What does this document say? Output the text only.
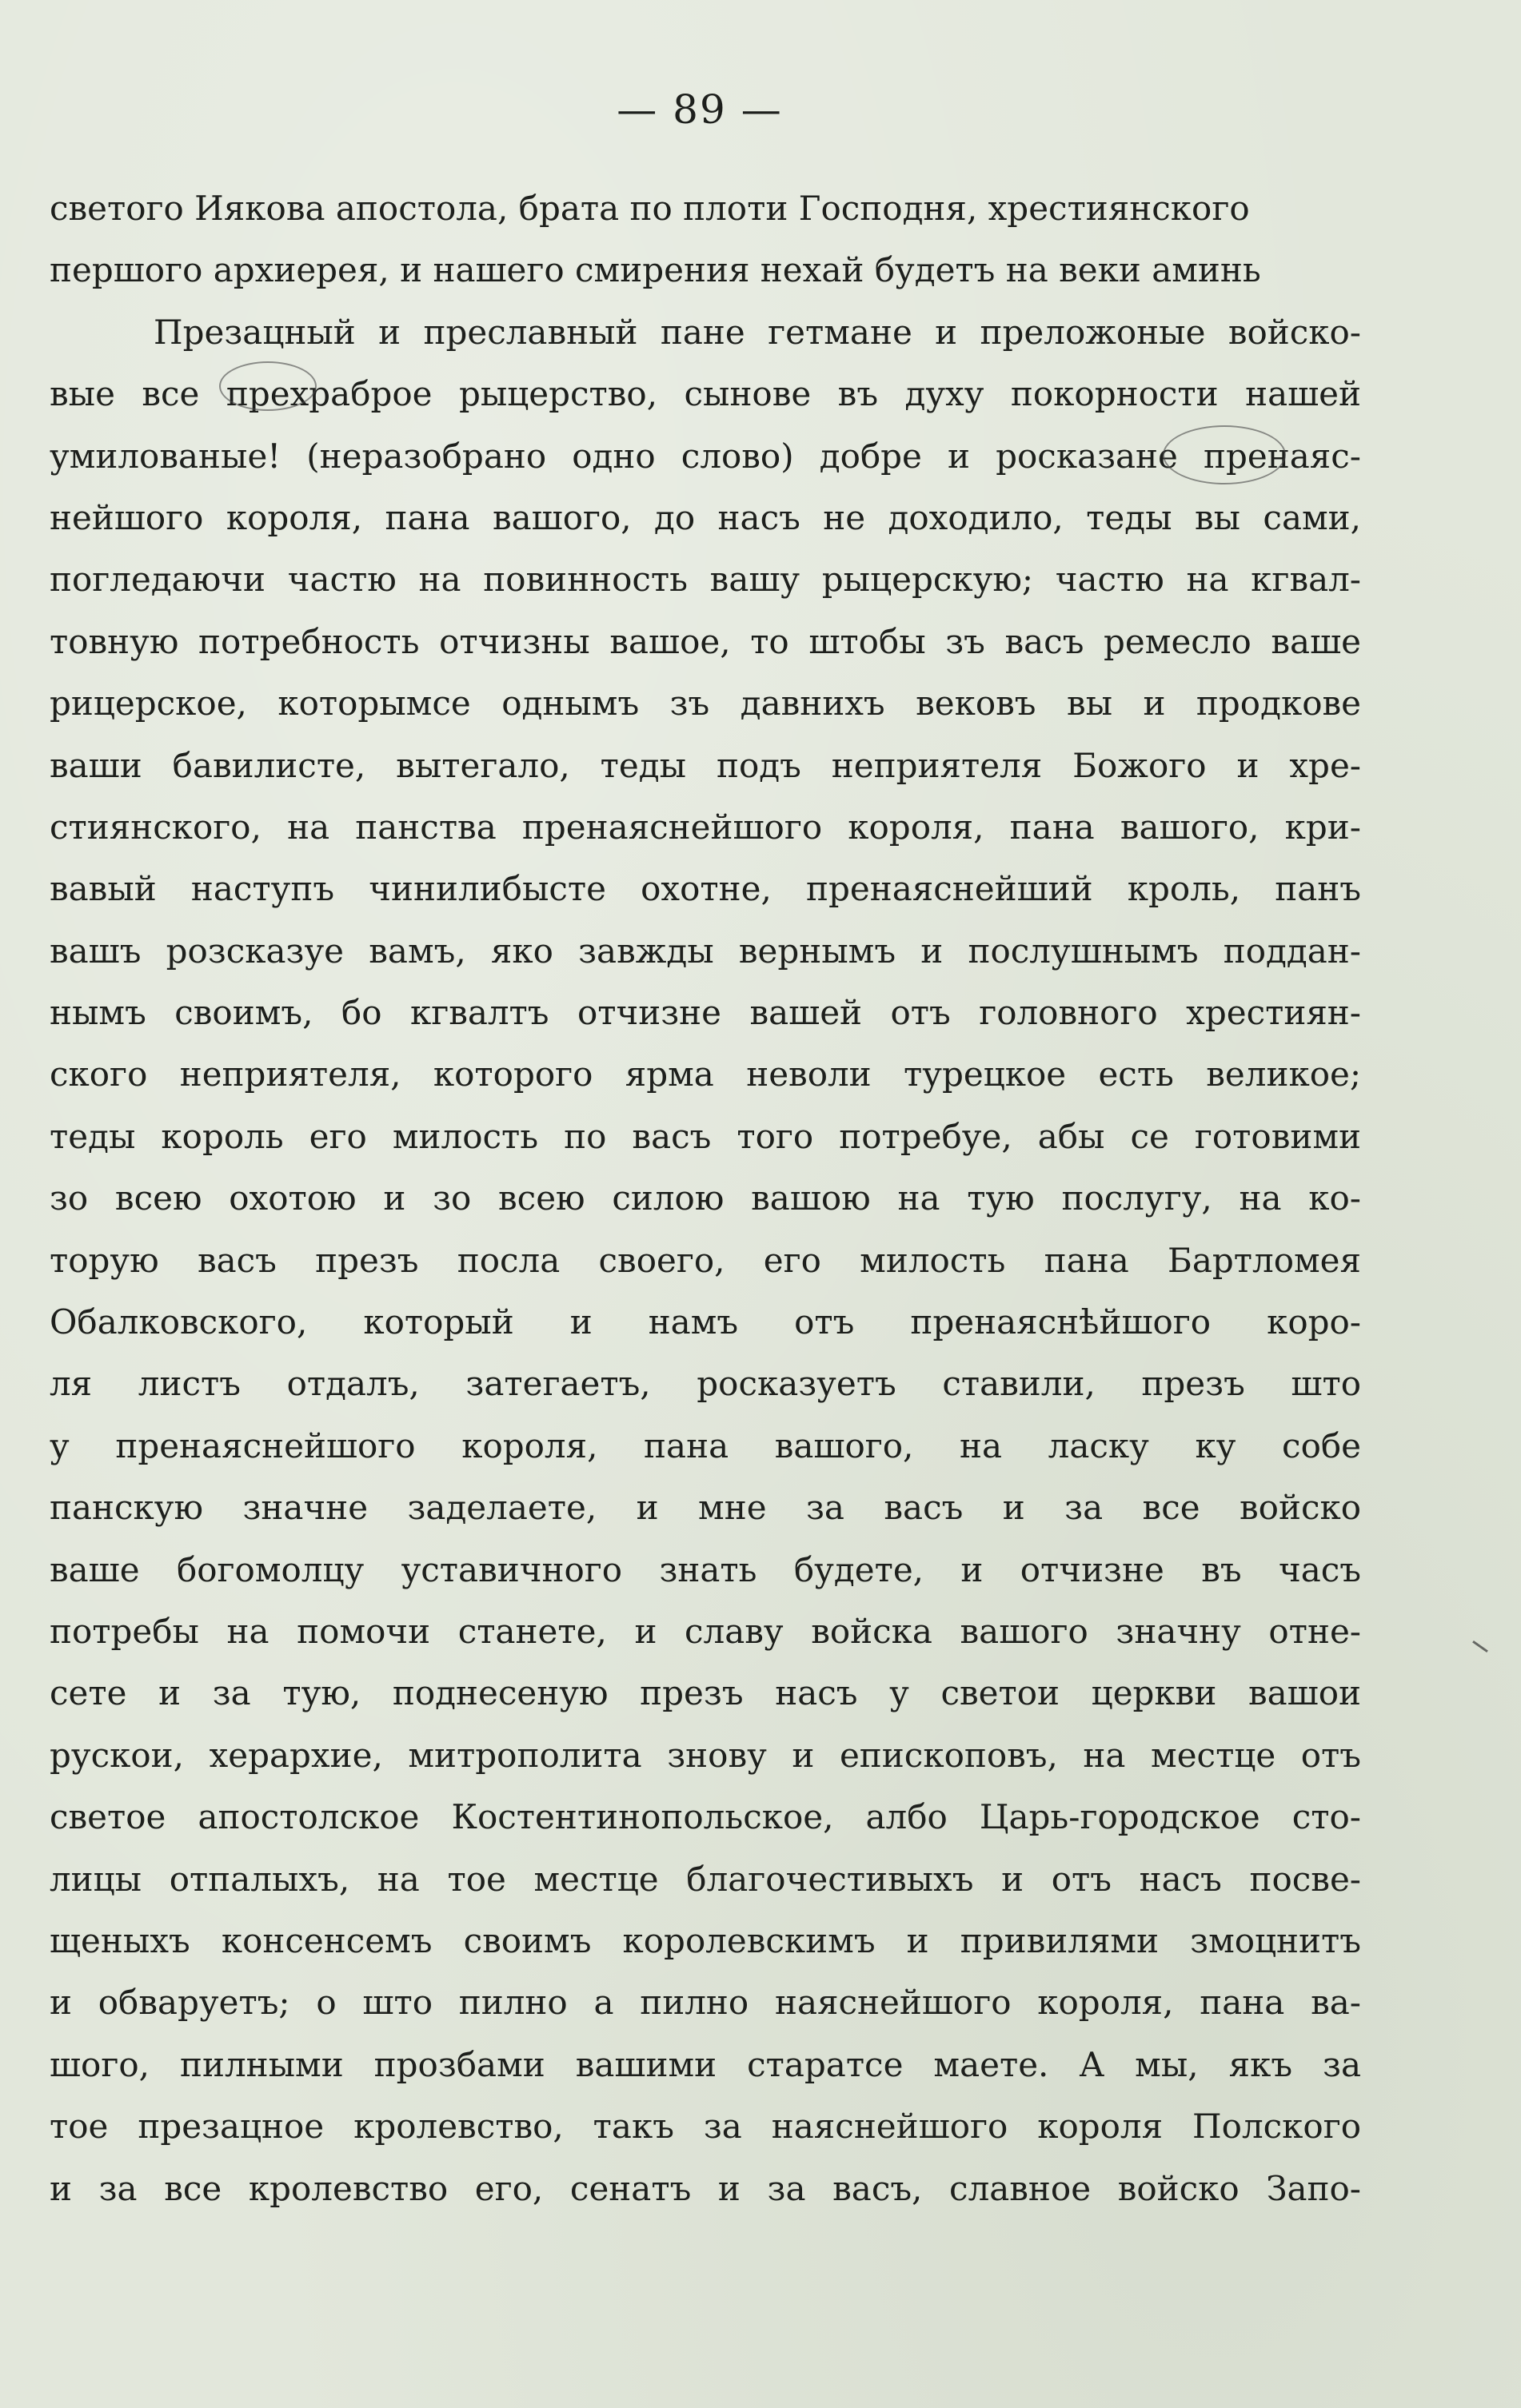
— 89 —
светого Иякова апостола, брата по плоти Господня, хрестиянского
першого архиерея, и нашего смирения нехай будетъ на веки аминь
Презацный и преславный пане гетмане и преложоные войско-
вые все прехраброе рыцерство, сынове въ духу покорности нашей
умилованые! (неразобрано одно слово) добре и росказане пренаяс-
нейшого короля, пана вашого, до насъ не доходило, теды вы сами,
погледаючи частю на повинность вашу рыцерскую; частю на кгвал-
товную потребность отчизны вашое, то штобы зъ васъ ремесло ваше
рицерское, которымсе однымъ зъ давнихъ вековъ вы и продкове
ваши бавилисте, вытегало, теды подъ неприятеля Божого и хре-
стиянского, на панства пренаяснейшого короля, пана вашого, кри-
вавый наступъ чинилибысте охотне, пренаяснейший кроль, панъ
вашъ розсказуе вамъ, яко завжды вернымъ и послушнымъ поддан-
нымъ своимъ, бо кгвалтъ отчизне вашей отъ головного хрестиян-
ского неприятеля, которого ярма неволи турецкое есть великое;
теды король его милость по васъ того потребуе, абы се готовими
зо всею охотою и зо всею силою вашою на тую послугу, на ко-
торую васъ презъ посла своего, его милость пана Бартломея
Обалковского, который и намъ отъ пренаяснѣйшого коро-
ля листъ отдалъ, затегаетъ, росказуетъ ставили, презъ што
у пренаяснейшого короля, пана вашого, на ласку ку собе
панскую значне заделаете, и мне за васъ и за все войско
ваше богомолцу уставичного знать будете, и отчизне въ часъ
потребы на помочи станете, и славу войска вашого значну отне-
сете и за тую, поднесеную презъ насъ у светои церкви вашои
рускои, херархие, митрополита знову и епископовъ, на местце отъ
светое апостолское Костентинопольское, албо Царь-городское сто-
лицы отпалыхъ, на тое местце благочестивыхъ и отъ насъ посве-
щеныхъ консенсемъ своимъ королевскимъ и привилями змоцнитъ
и обваруетъ; о што пилно а пилно наяснейшого короля, пана ва-
шого, пилными прозбами вашими старатсе маете. А мы, якъ за
тое презацное кролевство, такъ за наяснейшого короля Полского
и за все кролевство его, сенатъ и за васъ, славное войско Запо-
